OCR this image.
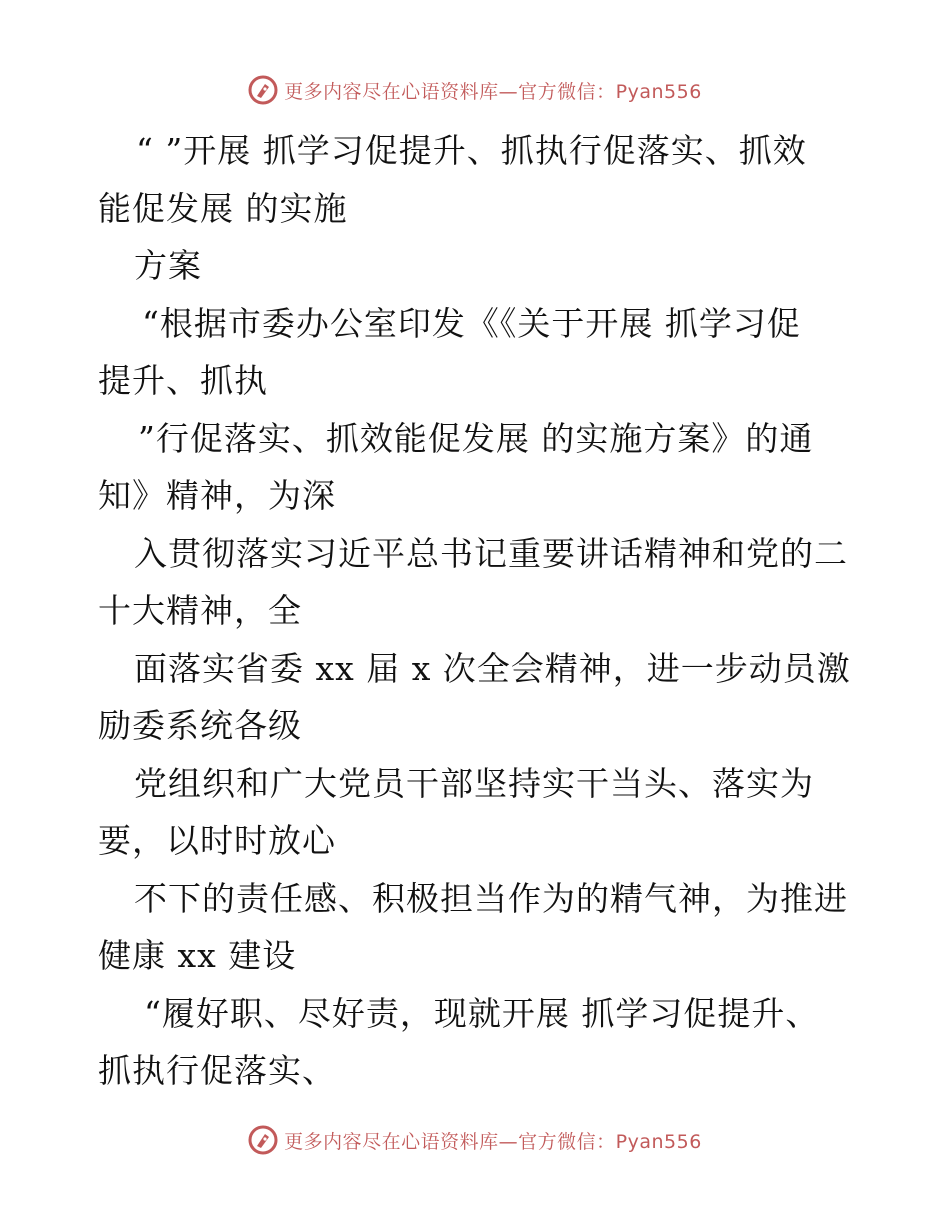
更多内容尽在心语资料库—官方微信：Pyan556
“ ”开展 抓学习促提升、抓执行促落实、抓效
能促发展 的实施
方案
“根据市委办公室印发《《关于开展 抓学习促
提升、抓执
”行促落实、抓效能促发展 的实施方案》的通
知》精神，为深
入贯彻落实习近平总书记重要讲话精神和党的二
十大精神，全
面落实省委 xx 届 x 次全会精神，进一步动员激
励委系统各级
党组织和广大党员干部坚持实干当头、落实为
要，以时时放心
不下的责任感、积极担当作为的精气神，为推进
健康 xx 建设
“履好职、尽好责，现就开展 抓学习促提升、
抓执行促落实、
更多内容尽在心语资料库—官方微信：Pyan556
